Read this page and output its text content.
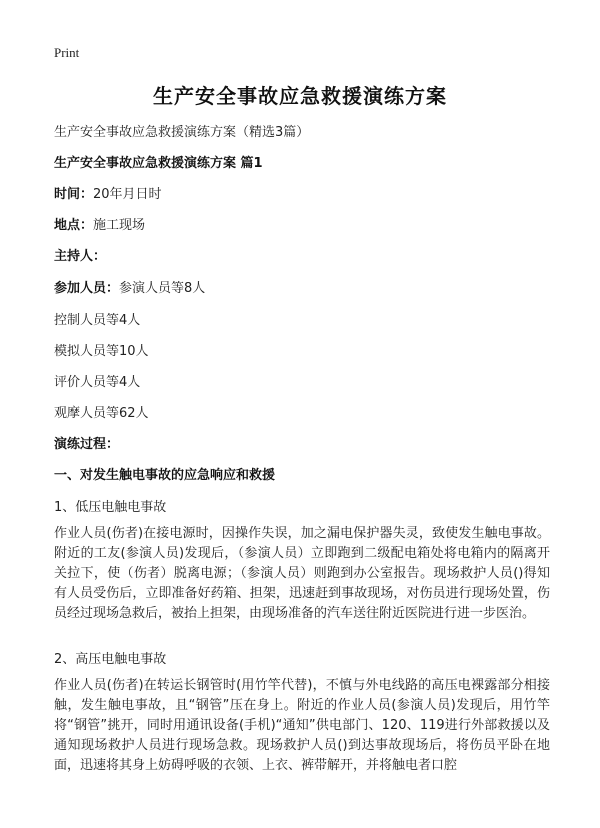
Print
生产安全事故应急救援演练方案
生产安全事故应急救援演练方案（精选3篇）
生产安全事故应急救援演练方案 篇1
时间：20年月日时
地点：施工现场
主持人：
参加人员：参演人员等8人
控制人员等4人
模拟人员等10人
评价人员等4人
观摩人员等62人
演练过程：
一、对发生触电事故的应急响应和救援
1、低压电触电事故
作业人员(伤者)在接电源时，因操作失误，加之漏电保护器失灵，致使发生触电事故。附近的工友(参演人员)发现后，（参演人员）立即跑到二级配电箱处将电箱内的隔离开关拉下，使（伤者）脱离电源；（参演人员）则跑到办公室报告。现场救护人员()得知有人员受伤后，立即准备好药箱、担架，迅速赶到事故现场，对伤员进行现场处置，伤员经过现场急救后，被抬上担架，由现场准备的汽车送往附近医院进行进一步医治。
2、高压电触电事故
作业人员(伤者)在转运长钢管时(用竹竿代替)，不慎与外电线路的高压电裸露部分相接触，发生触电事故，且“钢管”压在身上。附近的作业人员(参演人员)发现后，用竹竿将“钢管”挑开，同时用通讯设备(手机)“通知”供电部门、120、119进行外部救援以及通知现场救护人员进行现场急救。现场救护人员()到达事故现场后，将伤员平卧在地面，迅速将其身上妨碍呼吸的衣领、上衣、裤带解开，并将触电者口腔
